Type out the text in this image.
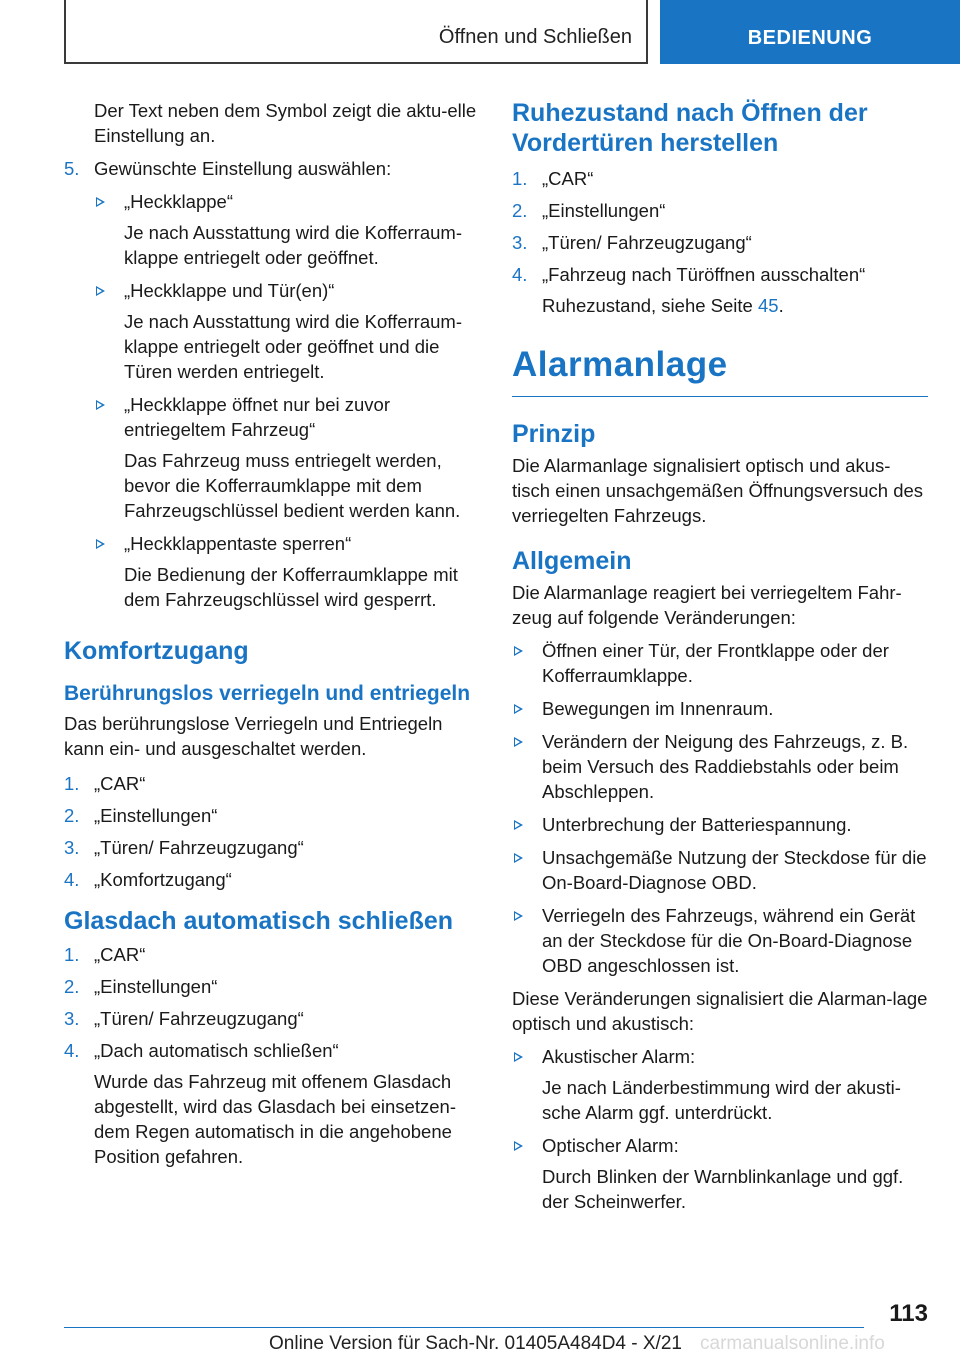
Öffnen und Schließen	BEDIENUNG

Der Text neben dem Symbol zeigt die aktu‐elle Einstellung an.

5. Gewünschte Einstellung auswählen:
„Heckklappe“
Je nach Ausstattung wird die Kofferraum‐klappe entriegelt oder geöffnet.
„Heckklappe und Tür(en)“
Je nach Ausstattung wird die Kofferraum‐klappe entriegelt oder geöffnet und die Türen werden entriegelt.
„Heckklappe öffnet nur bei zuvor entriegeltem Fahrzeug“
Das Fahrzeug muss entriegelt werden, bevor die Kofferraumklappe mit dem Fahrzeugschlüssel bedient werden kann.
„Heckklappentaste sperren“
Die Bedienung der Kofferraumklappe mit dem Fahrzeugschlüssel wird gesperrt.
Komfortzugang
Berührungslos verriegeln und entriegeln

Das berührungslose Verriegeln und Entriegeln kann ein- und ausgeschaltet werden.

1. „CAR“
2. „Einstellungen“
3. „Türen/ Fahrzeugzugang“
4. „Komfortzugang“
Glasdach automatisch schließen
1. „CAR“
2. „Einstellungen“
3. „Türen/ Fahrzeugzugang“
4. „Dach automatisch schließen“
Wurde das Fahrzeug mit offenem Glasdach abgestellt, wird das Glasdach bei einsetzen‐dem Regen automatisch in die angehobene Position gefahren.
Ruhezustand nach Öffnen der Vordertüren herstellen
1. „CAR“
2. „Einstellungen“
3. „Türen/ Fahrzeugzugang“
4. „Fahrzeug nach Türöffnen ausschalten“
Ruhezustand, siehe Seite 45.
Alarmanlage
Prinzip

Die Alarmanlage signalisiert optisch und akus‐tisch einen unsachgemäßen Öffnungsversuch des verriegelten Fahrzeugs.

Allgemein

Die Alarmanlage reagiert bei verriegeltem Fahr‐zeug auf folgende Veränderungen:

Öffnen einer Tür, der Frontklappe oder der Kofferraumklappe.
Bewegungen im Innenraum.
Verändern der Neigung des Fahrzeugs, z. B. beim Versuch des Raddiebstahls oder beim Abschleppen.
Unterbrechung der Batteriespannung.
Unsachgemäße Nutzung der Steckdose für die On-Board-Diagnose OBD.
Verriegeln des Fahrzeugs, während ein Gerät an der Steckdose für die On-Board-Diagnose OBD angeschlossen ist.

Diese Veränderungen signalisiert die Alarman‐lage optisch und akustisch:

Akustischer Alarm:
Je nach Länderbestimmung wird der akusti‐sche Alarm ggf. unterdrückt.
Optischer Alarm:
Durch Blinken der Warnblinkanlage und ggf. der Scheinwerfer.
113
Online Version für Sach-Nr. 01405A484D4 - X/21 carmanualsonline.info
